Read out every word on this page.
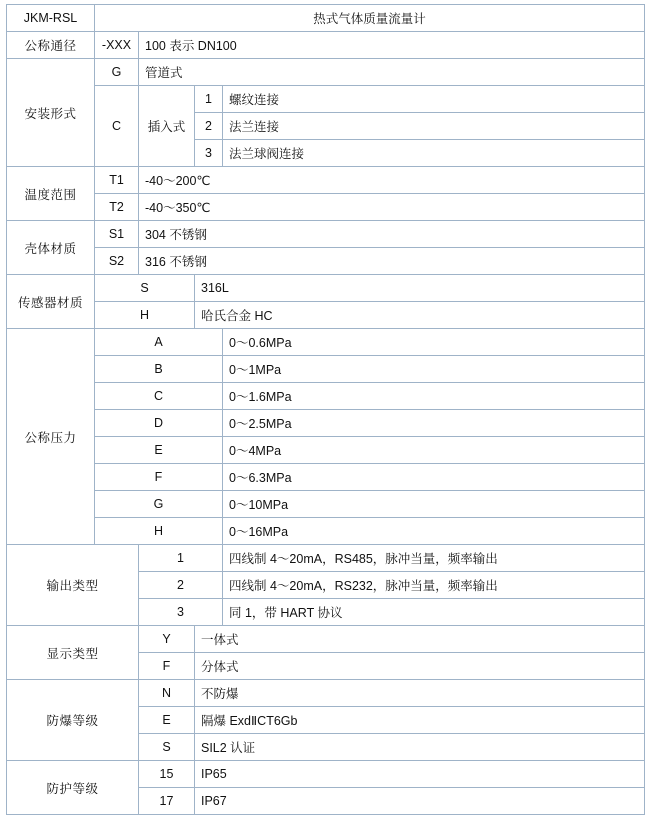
JKM-RSL	热式气体质量流量计			
公称通径	-XXX	100 表示 DN100		
安装形式	G	管道式		
	C	插入式	1	螺纹连接
			2	法兰连接
			3	法兰球阀连接
温度范围	T1	-40～200℃		
	T2	-40～350℃		
壳体材质	S1	304 不锈钢		
	S2	316 不锈钢		
传感器材质	S		316L	
	H		哈氏合金 HC	
公称压力	A			0～0.6MPa
	B			0～1MPa
	C			0～1.6MPa
	D			0～2.5MPa
	E			0～4MPa
	F			0～6.3MPa
	G			0～10MPa
	H			0～16MPa
输出类型		1		四线制 4～20mA，RS485，脉冲当量，频率输出
		2		四线制 4～20mA，RS232，脉冲当量，频率输出
		3		同 1，带 HART 协议
显示类型		Y	一体式	
		F	分体式	
防爆等级		N	不防爆	
		E	隔爆 ExdⅡCT6Gb	
		S	SIL2 认证	
防护等级		15	IP65	
		17	IP67	
